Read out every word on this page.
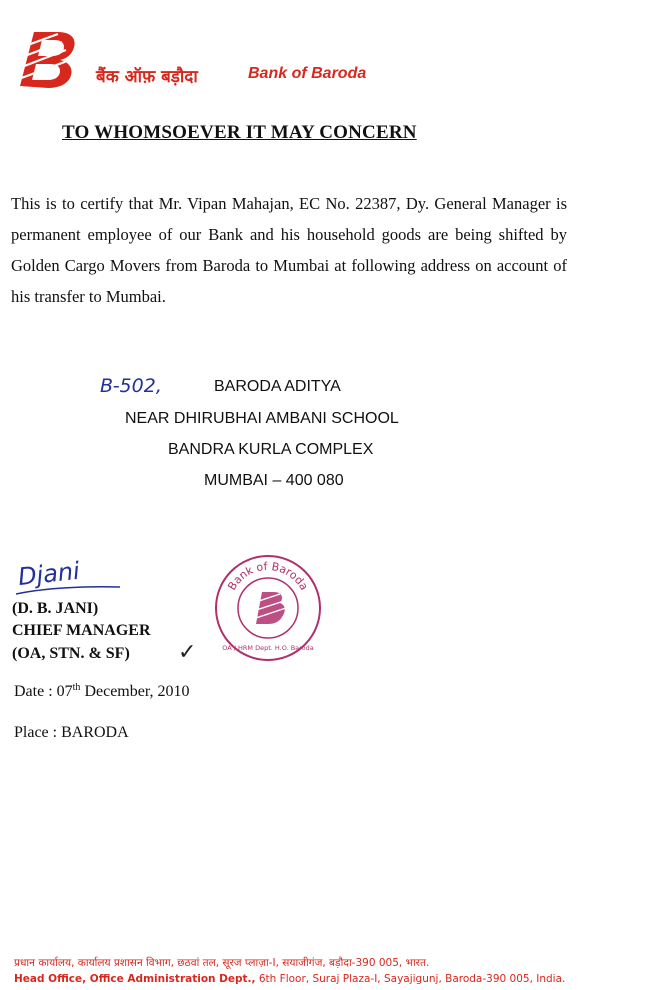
बैंक ऑफ़ बड़ौदा	Bank of Baroda
TO WHOMSOEVER IT MAY CONCERN

This is to certify that Mr. Vipan Mahajan, EC No. 22387, Dy. General Manager is permanent employee of our Bank and his household goods are being shifted by Golden Cargo Movers from Baroda to Mumbai at following address on account of his transfer to Mumbai.

B-502,	BARODA ADITYA
NEAR DHIRUBHAI AMBANI SCHOOL
BANDRA KURLA COMPLEX
MUMBAI – 400 080
Djani
(D. B. JANI)
CHIEF MANAGER
(OA, STN. & SF) ✓
Bank of Baroda
OA / HRM Dept. H.O. Baroda
Date : 07th December, 2010
Place : BARODA
प्रधान कार्यालय, कार्यालय प्रशासन विभाग, छठवां तल, सूरज प्लाज़ा-I, सयाजीगंज, बड़ौदा-390 005, भारत.
Head Office, Office Administration Dept., 6th Floor, Suraj Plaza-I, Sayajigunj, Baroda-390 005, India.
